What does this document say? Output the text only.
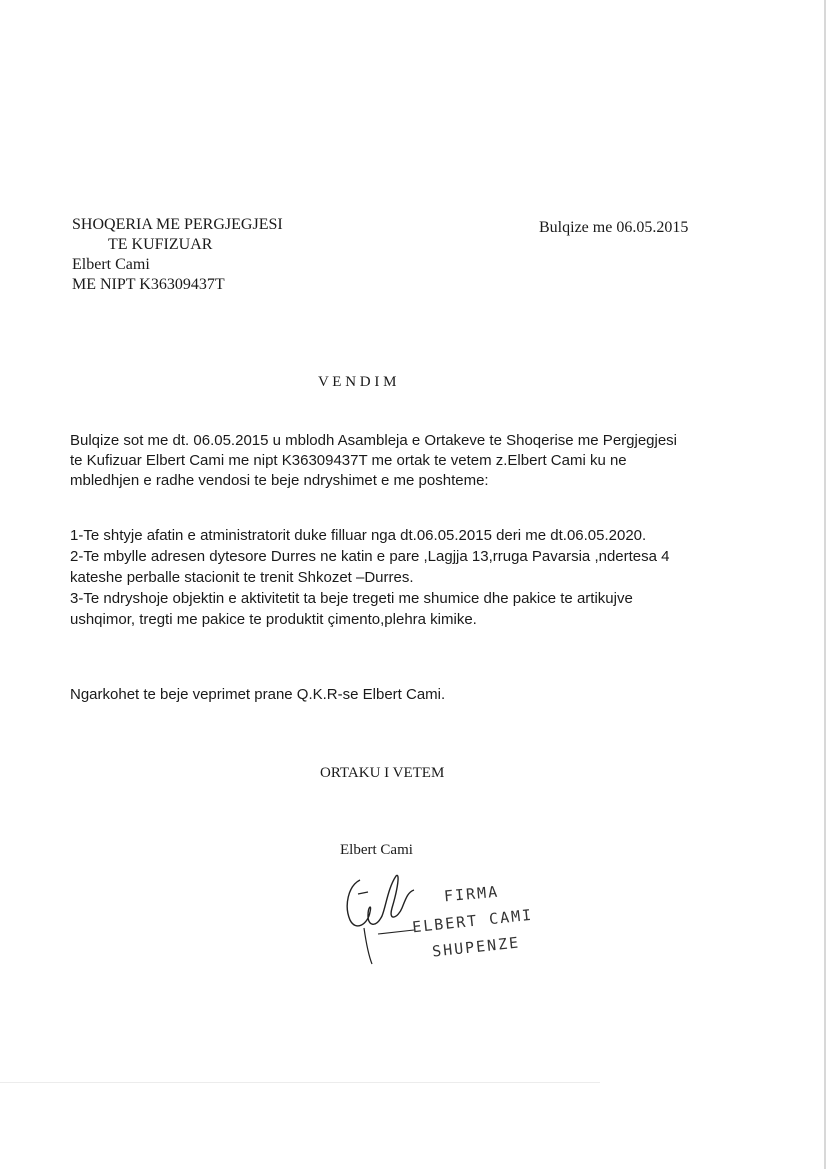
SHOQERIA ME PERGJEGJESI

TE KUFIZUAR

Elbert Cami

ME NIPT K36309437T

Bulqize me 06.05.2015

V E N D I M

Bulqize sot me dt. 06.05.2015 u mblodh Asambleja e Ortakeve te Shoqerise me Pergjegjesi

te Kufizuar Elbert Cami me nipt K36309437T me ortak te vetem z.Elbert Cami ku ne

mbledhjen e radhe vendosi te beje ndryshimet e me poshteme:

1-Te shtyje afatin e atministratorit duke filluar nga dt.06.05.2015 deri me dt.06.05.2020.

2-Te mbylle adresen dytesore Durres ne katin e pare ,Lagjja 13,rruga Pavarsia ,ndertesa 4

kateshe perballe stacionit te trenit Shkozet –Durres.

3-Te ndryshoje objektin e aktivitetit ta beje tregeti me shumice dhe pakice te artikujve

ushqimor, tregti me pakice te produktit çimento,plehra kimike.

Ngarkohet te beje veprimet prane Q.K.R-se Elbert Cami.

ORTAKU I VETEM

Elbert Cami

FIRMA

ELBERT CAMI

SHUPENZE
